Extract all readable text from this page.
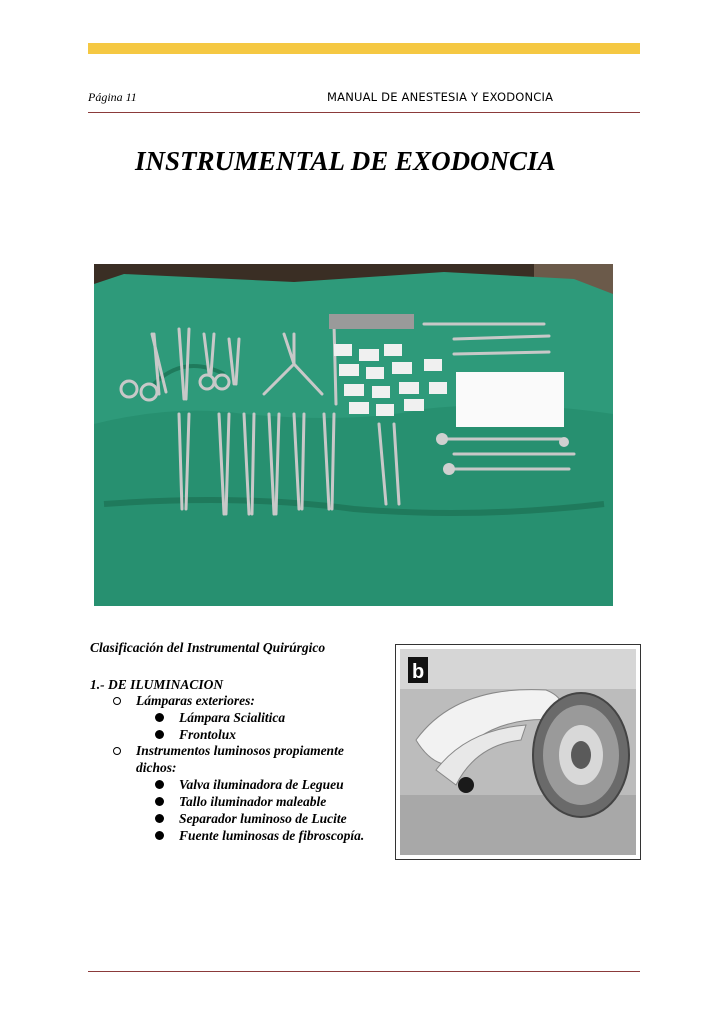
Página 11	MANUAL DE ANESTESIA Y EXODONCIA
INSTRUMENTAL DE EXODONCIA
Clasificación del Instrumental Quirúrgico
1.- DE ILUMINACION
Lámparas exteriores:
Lámpara Scialitica
Frontolux
Instrumentos luminosos propiamente
dichos:
Valva iluminadora de Legueu
Tallo iluminador maleable
Separador luminoso de Lucite
Fuente luminosas de fibroscopía.
b
